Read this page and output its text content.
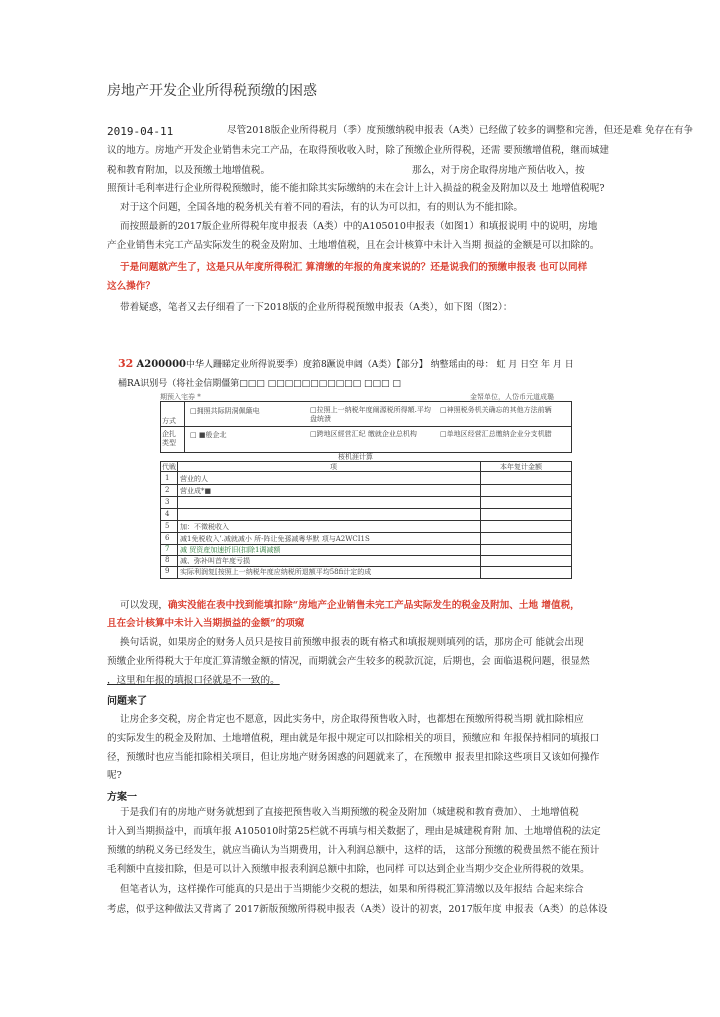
房地产开发企业所得税预缴的困惑
2019-04-11	尽管2018版企业所得税月（季）度预缴纳税申报表（A类）已经做了较多的调整和完善，但还是难 免存在有争
议的地方。房地产开发企业销售未完工产品，在取得预收收入时，除了预缴企业所得税，还需 要预缴增值税，继而城建
税和教育附加，以及预缴土地增值税。	那么，对于房企取得房地产预估收入，按
照预计毛利率进行企业所得税预缴时，能不能扣除其实际缴纳的未在会计上计入损益的税金及附加以及土 地增值税呢?
对于这个问题，全国各地的税务机关有着不同的看法，有的认为可以扣，有的则认为不能扣除。
而按照最新的2017版企业所得税年度申报表（A类）中的A105010申报表（如图1）和填报说明 中的说明，房地
产企业销售未完工产品实际发生的税金及附加、土地增值税，且在会计核算中未计入当期 损益的金额是可以扣除的。
于是问题就产生了，这是只从年度所得税汇 算清缴的年报的角度来说的？还是说我们的预缴申报表 也可以同样
这么操作？
带着疑惑，笔者又去仔细看了一下2018版的企业所得税预缴申报表（A类），如下图（图2）：
32 A200000中华人跚睇定业所得说要季）度筘8蹶说申阔（A类）【部分】 纳整瑶由的母： 虹 月 日空 年 月 日
桶RA识别号（将社金信期僵第□□□ □□□□□□□□□□□ □□□ □
期预入宅券 *	金帑单位，人岱币元道成璐
方式
企扎类型
□拥照共际阴洞佩簸电	□拉照上一纳税年度阐源税所得額.平均盘统溃
□神照税务机关确忘的其他方法前辆
□ ■般企北	□跨地区經営汇纪 缴就企业总机构	□单地区经营汇总缴纳企业分支机腊
桜机涯计算
代戦	项	本年复计金额
1 营业的人
2 营业成*■
3
4
5 加：不徵税收入
6 减1免税收入’.减就减小 所-阵让免孫减粵华默 项与A2WCI1S
7 减 贸资産加速折旧(扣除1调减额
8 减、弥补叫首年度亏损
9 实际利润复[按照上一纳税年度应纳税所退额平均58fi计定的成
可以发现，确实没能在表中找到能填扣除“房地产企业销售未完工产品实际发生的税金及附加、土地 增值税，
且在会计核算中未计入当期损益的金额”的项窥
换句话说，如果房企的财务人员只是按目前预缴申报表的既有格式和填报规则填列的话，那房企可 能就会出现
预缴企业所得税大于年度汇算清缴金额的情况，而期就会产生较多的税款沉淀，后期也，会 面临退税问题，很显然
，这里和年报的填报口径就是不一致的。
问题来了
让房企多交税，房企肯定也不愿意，因此实务中，房企取得预售收入时，也都想在预缴所得税当期 就扣除相应
的实际发生的税金及附加、土地增值税，理由就是年报中规定可以扣除相关的项目，预缴应和 年报保持相同的填报口
径，预缴时也应当能扣除相关项目，但让房地产财务困惑的问题就来了，在预缴申 报表里扣除这些项目又该如何操作
呢?
方案一
于是我们有的房地产财务就想到了直接把预售收入当期预缴的税金及附加（城建税和教育费加）、 土地增值税
计入到当期损益中，而填年报 A105010时第25栏就不再填与相关数据了，理由是城建税育附 加、土地增值税的法定
预缴的纳税义务已经发生，就应当确认为当期费用，计入利润总额中，这样的话， 这部分预缴的税费虽然不能在预计
毛利额中直接扣除，但是可以计入预缴申报表利润总额中扣除，也同样 可以达到企业当期少交企业所得税的效果。
但笔者认为，这样操作可能真的只是出于当期能少交税的想法，如果和所得税汇算清缴以及年报结 合起来综合
考虑，似乎这种做法又背离了 2017新版预缴所得税申报表（A类）设计的初衷，2017版年度 申报表（A类）的总体设
